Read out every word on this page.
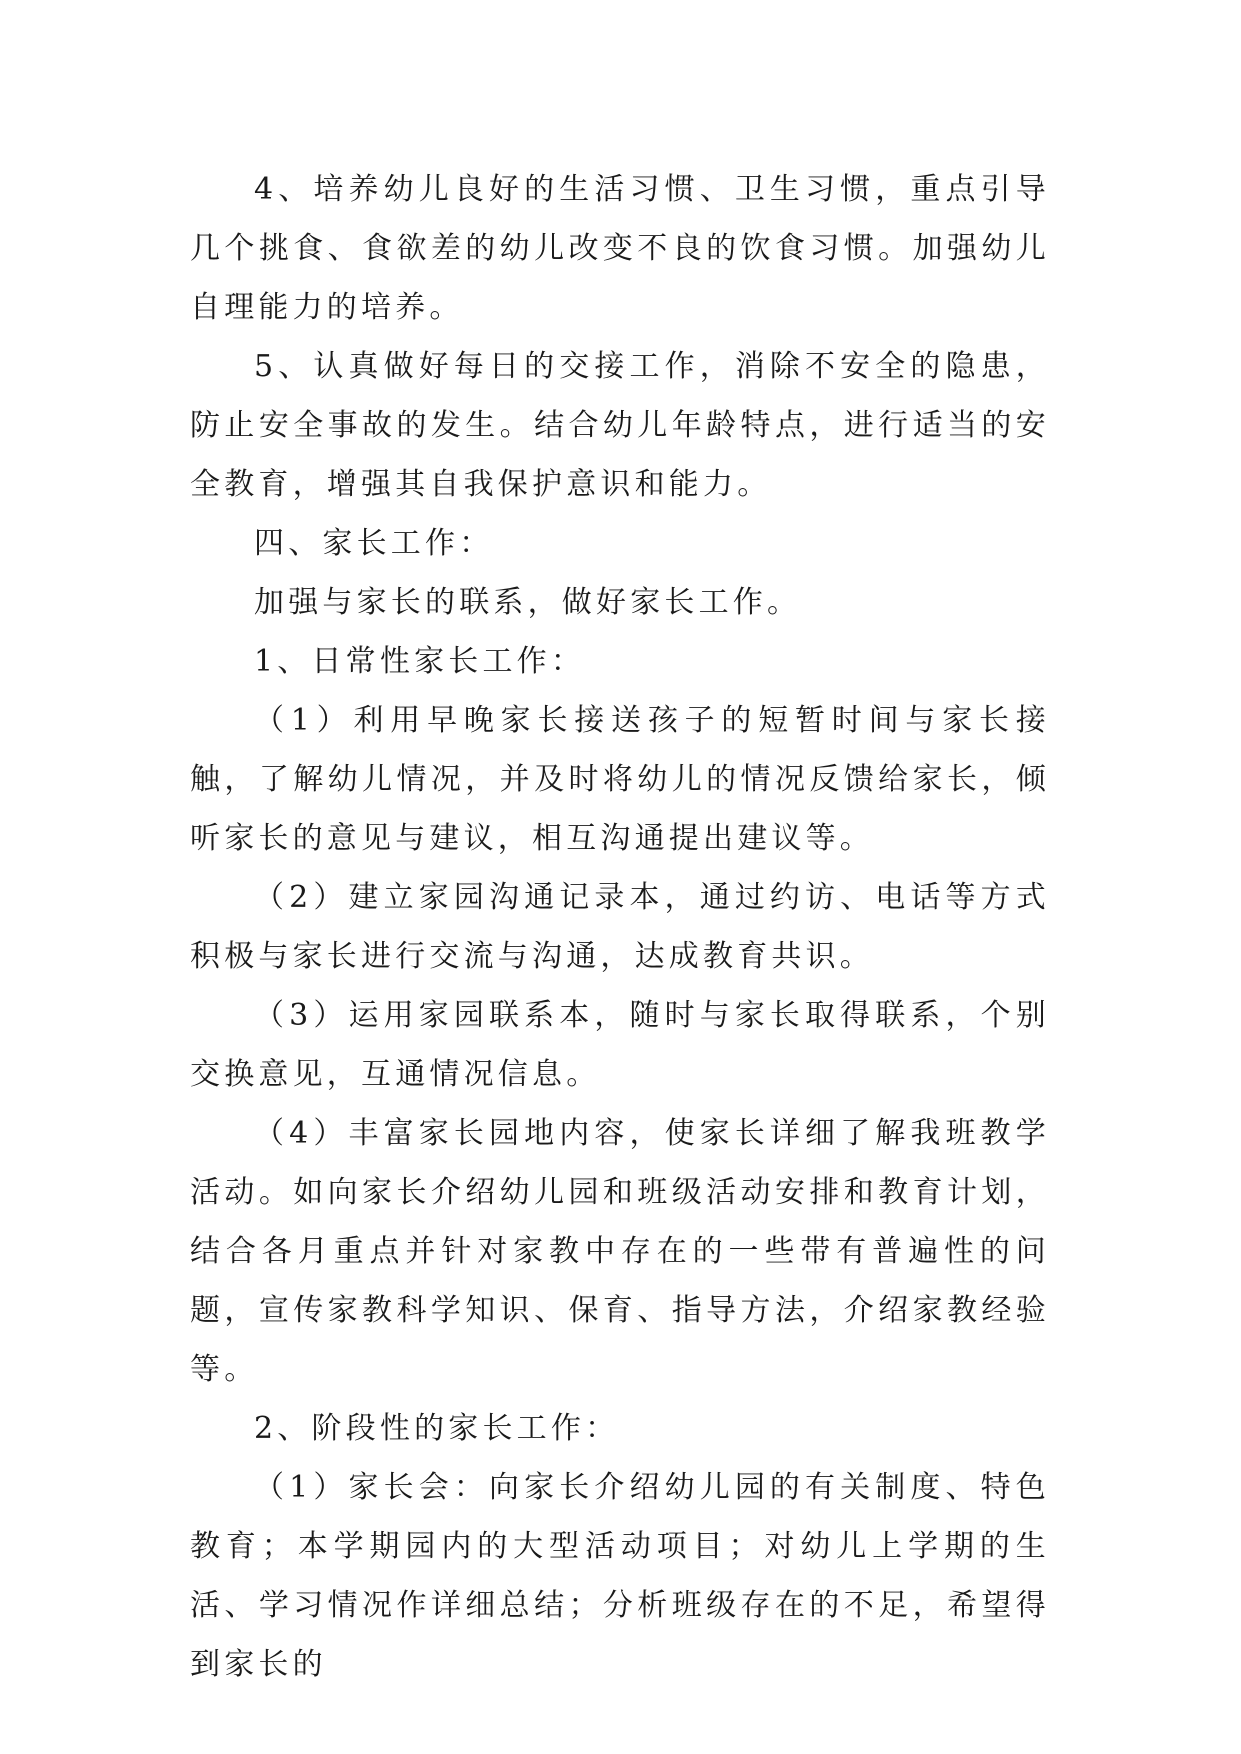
4、培养幼儿良好的生活习惯、卫生习惯，重点引导几个挑食、食欲差的幼儿改变不良的饮食习惯。加强幼儿自理能力的培养。

5、认真做好每日的交接工作，消除不安全的隐患，防止安全事故的发生。结合幼儿年龄特点，进行适当的安全教育，增强其自我保护意识和能力。

四、家长工作：

加强与家长的联系，做好家长工作。

1、日常性家长工作：

（1）利用早晚家长接送孩子的短暂时间与家长接触，了解幼儿情况，并及时将幼儿的情况反馈给家长，倾听家长的意见与建议，相互沟通提出建议等。

（2）建立家园沟通记录本，通过约访、电话等方式积极与家长进行交流与沟通，达成教育共识。

（3）运用家园联系本，随时与家长取得联系，个别交换意见，互通情况信息。

（4）丰富家长园地内容，使家长详细了解我班教学活动。如向家长介绍幼儿园和班级活动安排和教育计划，结合各月重点并针对家教中存在的一些带有普遍性的问题，宣传家教科学知识、保育、指导方法，介绍家教经验等。

2、阶段性的家长工作：

（1）家长会：向家长介绍幼儿园的有关制度、特色教育；本学期园内的大型活动项目；对幼儿上学期的生活、学习情况作详细总结；分析班级存在的不足，希望得到家长的
